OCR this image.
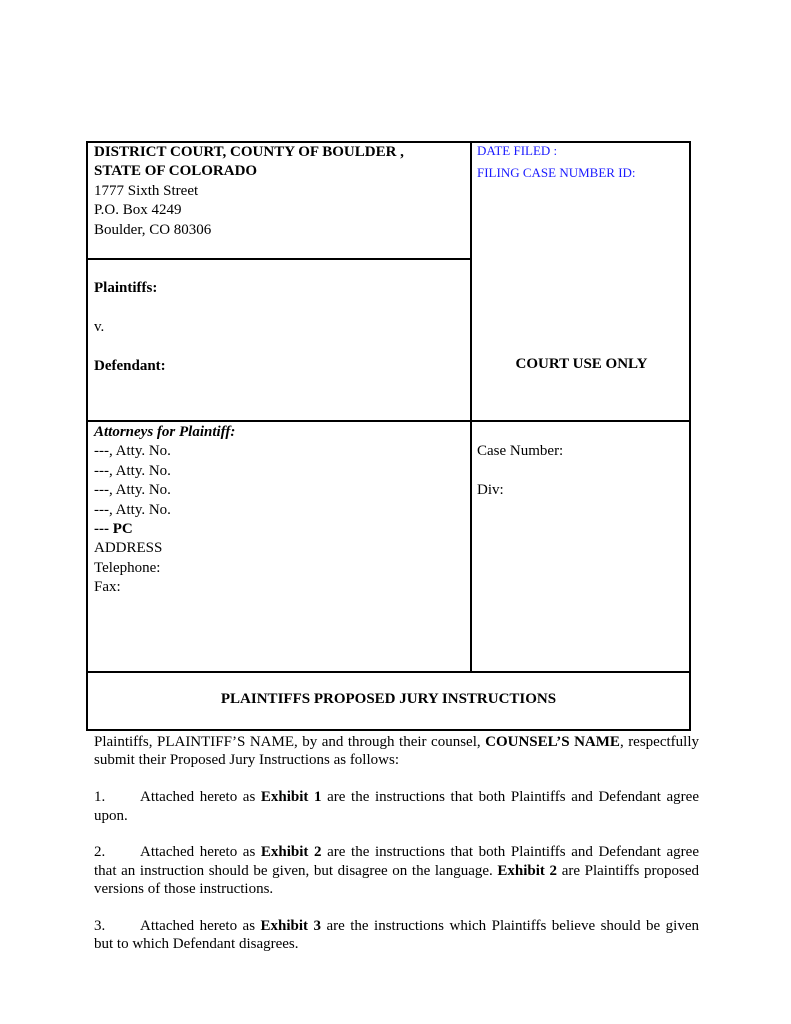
DISTRICT COURT, COUNTY OF BOULDER ,
STATE OF COLORADO
1777 Sixth Street
P.O. Box 4249
Boulder, CO 80306
DATE FILED :
FILING CASE NUMBER ID:
Plaintiffs:
v.
Defendant:	COURT USE ONLY
Attorneys for Plaintiff:
---, Atty. No.
---, Atty. No.
---, Atty. No.
---, Atty. No.
--- PC
ADDRESS
Telephone:
Fax:
Case Number:
Div:
PLAINTIFFS PROPOSED JURY INSTRUCTIONS

Plaintiffs, PLAINTIFF’S NAME, by and through their counsel, COUNSEL’S NAME, respectfully submit their Proposed Jury Instructions as follows:

1. Attached hereto as Exhibit 1 are the instructions that both Plaintiffs and Defendant agree upon.

2. Attached hereto as Exhibit 2 are the instructions that both Plaintiffs and Defendant agree that an instruction should be given, but disagree on the language. Exhibit 2 are Plaintiffs proposed versions of those instructions.

3. Attached hereto as Exhibit 3 are the instructions which Plaintiffs believe should be given but to which Defendant disagrees.
